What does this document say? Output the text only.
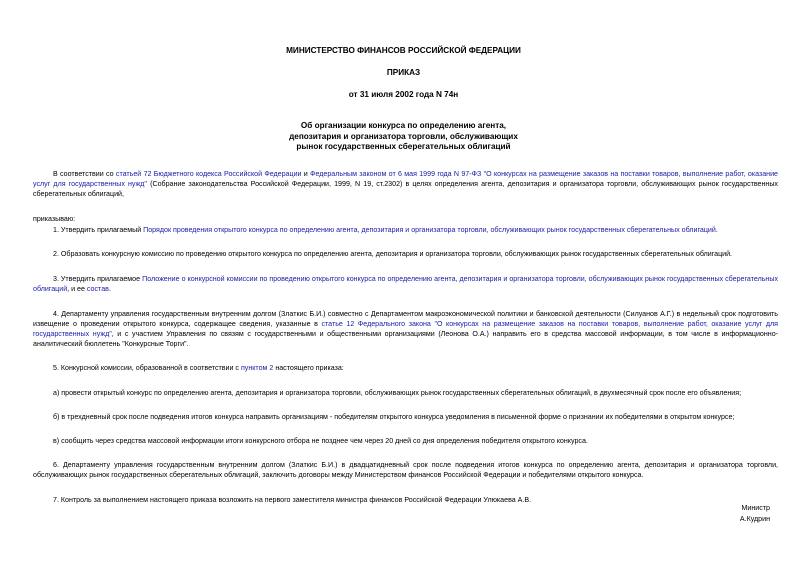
МИНИСТЕРСТВО ФИНАНСОВ РОССИЙСКОЙ ФЕДЕРАЦИИ
ПРИКАЗ
от 31 июля 2002 года N 74н
Об организации конкурса по определению агента,
депозитария и организатора торговли, обслуживающих
рынок государственных сберегательных облигаций

В соответствии со статьей 72 Бюджетного кодекса Российской Федерации и Федеральным законом от 6 мая 1999 года N 97-ФЗ "О конкурсах на размещение заказов на поставки товаров, выполнение работ, оказание услуг для государственных нужд" (Собрание законодательства Российской Федерации, 1999, N 19, ст.2302) в целях определения агента, депозитария и организатора торговли, обслуживающих рынок государственных сберегательных облигаций,

приказываю:

1. Утвердить прилагаемый Порядок проведения открытого конкурса по определению агента, депозитария и организатора торговли, обслуживающих рынок государственных сберегательных облигаций.

2. Образовать конкурсную комиссию по проведению открытого конкурса по определению агента, депозитария и организатора торговли, обслуживающих рынок государственных сберегательных облигаций.

3. Утвердить прилагаемое Положение о конкурсной комиссии по проведению открытого конкурса по определению агента, депозитария и организатора торговли, обслуживающих рынок государственных сберегательных облигаций, и ее состав.

4. Департаменту управления государственным внутренним долгом (Златкис Б.И.) совместно с Департаментом макроэкономической политики и банковской деятельности (Силуанов А.Г.) в недельный срок подготовить извещение о проведении открытого конкурса, содержащее сведения, указанные в статье 12 Федерального закона "О конкурсах на размещение заказов на поставки товаров, выполнение работ, оказание услуг для государственных нужд", и с участием Управления по связям с государственными и общественными организациями (Леонова О.А.) направить его в средства массовой информации, в том числе в информационно-аналитический бюллетень "Конкурсные Торги".

5. Конкурсной комиссии, образованной в соответствии с пунктом 2 настоящего приказа:

а) провести открытый конкурс по определению агента, депозитария и организатора торговли, обслуживающих рынок государственных сберегательных облигаций, в двухмесячный срок после его объявления;

б) в трехдневный срок после подведения итогов конкурса направить организациям - победителям открытого конкурса уведомления в письменной форме о признании их победителями в открытом конкурсе;

в) сообщить через средства массовой информации итоги конкурсного отбора не позднее чем через 20 дней со дня определения победителя открытого конкурса.

6. Департаменту управления государственным внутренним долгом (Златкис Б.И.) в двадцатидневный срок после подведения итогов конкурса по определению агента, депозитария и организатора торговли, обслуживающих рынок государственных сберегательных облигаций, заключить договоры между Министерством финансов Российской Федерации и победителями открытого конкурса.

7. Контроль за выполнением настоящего приказа возложить на первого заместителя министра финансов Российской Федерации Улюкаева А.В.

Министр
А.Кудрин
